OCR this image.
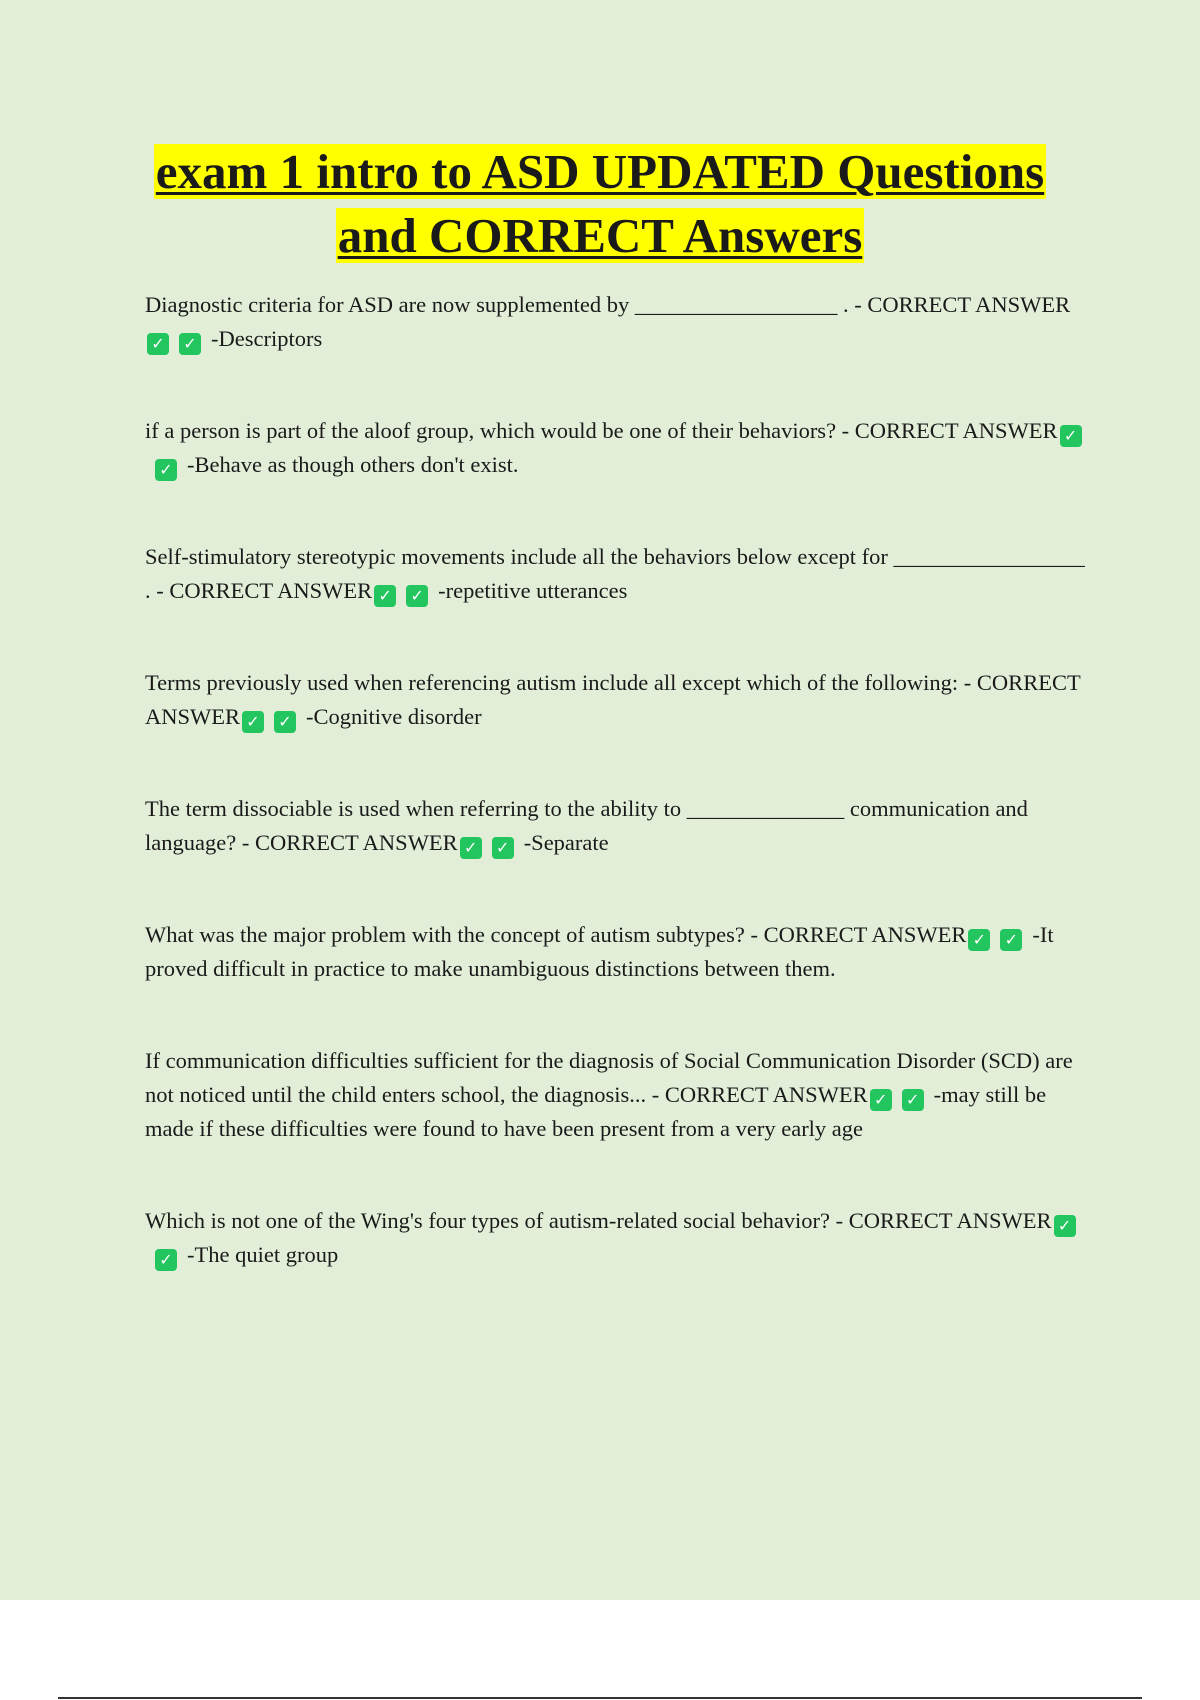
exam 1 intro to ASD UPDATED Questions
and CORRECT Answers

Diagnostic criteria for ASD are now supplemented by __________________ . - CORRECT ANSWER✓ ✓ -Descriptors

if a person is part of the aloof group, which would be one of their behaviors? - CORRECT ANSWER ✓✓ -Behave as though others don't exist.

Self-stimulatory stereotypic movements include all the behaviors below except for _________________ . - CORRECT ANSWER ✓ ✓ -repetitive utterances

Terms previously used when referencing autism include all except which of the following: - CORRECT ANSWER ✓ ✓ -Cognitive disorder

The term dissociable is used when referring to the ability to ______________ communication and language? - CORRECT ANSWER ✓ ✓ -Separate

What was the major problem with the concept of autism subtypes? - CORRECT ANSWER ✓ ✓ -It proved difficult in practice to make unambiguous distinctions between them.

If communication difficulties sufficient for the diagnosis of Social Communication Disorder (SCD) are not noticed until the child enters school, the diagnosis... - CORRECT ANSWER ✓ ✓ -may still be made if these difficulties were found to have been present from a very early age

Which is not one of the Wing's four types of autism-related social behavior? - CORRECT ANSWER ✓✓ -The quiet group
